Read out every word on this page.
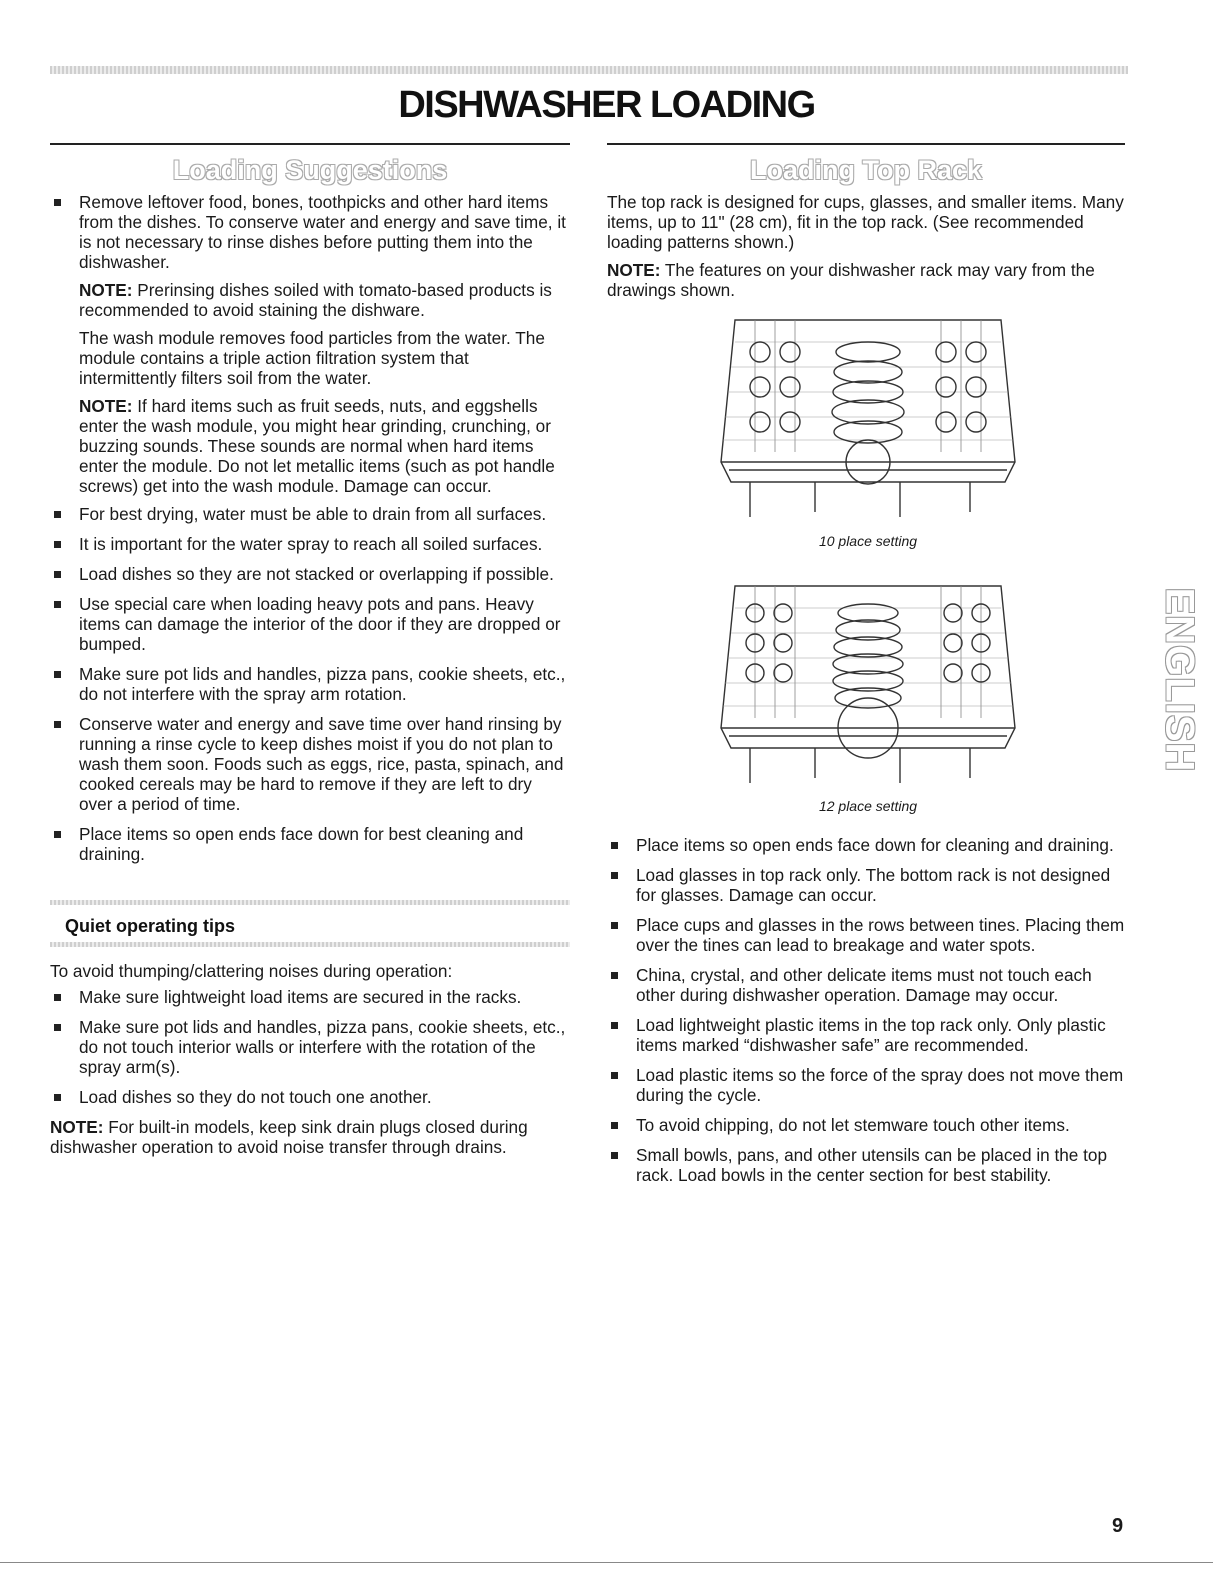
DISHWASHER LOADING
Loading Suggestions
Remove leftover food, bones, toothpicks and other hard items from the dishes. To conserve water and energy and save time, it is not necessary to rinse dishes before putting them into the dishwasher.

NOTE: Prerinsing dishes soiled with tomato-based products is recommended to avoid staining the dishware.

The wash module removes food particles from the water. The module contains a triple action filtration system that intermittently filters soil from the water.

NOTE: If hard items such as fruit seeds, nuts, and eggshells enter the wash module, you might hear grinding, crunching, or buzzing sounds. These sounds are normal when hard items enter the module. Do not let metallic items (such as pot handle screws) get into the wash module. Damage can occur.

For best drying, water must be able to drain from all surfaces.
It is important for the water spray to reach all soiled surfaces.
Load dishes so they are not stacked or overlapping if possible.
Use special care when loading heavy pots and pans. Heavy items can damage the interior of the door if they are dropped or bumped.
Make sure pot lids and handles, pizza pans, cookie sheets, etc., do not interfere with the spray arm rotation.
Conserve water and energy and save time over hand rinsing by running a rinse cycle to keep dishes moist if you do not plan to wash them soon. Foods such as eggs, rice, pasta, spinach, and cooked cereals may be hard to remove if they are left to dry over a period of time.
Place items so open ends face down for best cleaning and draining.
Quiet operating tips

To avoid thumping/clattering noises during operation:

Make sure lightweight load items are secured in the racks.
Make sure pot lids and handles, pizza pans, cookie sheets, etc., do not touch interior walls or interfere with the rotation of the spray arm(s).
Load dishes so they do not touch one another.

NOTE: For built-in models, keep sink drain plugs closed during dishwasher operation to avoid noise transfer through drains.

Loading Top Rack

The top rack is designed for cups, glasses, and smaller items. Many items, up to 11" (28 cm), fit in the top rack. (See recommended loading patterns shown.)

NOTE: The features on your dishwasher rack may vary from the drawings shown.

10 place setting
12 place setting
Place items so open ends face down for cleaning and draining.
Load glasses in top rack only. The bottom rack is not designed for glasses. Damage can occur.
Place cups and glasses in the rows between tines. Placing them over the tines can lead to breakage and water spots.
China, crystal, and other delicate items must not touch each other during dishwasher operation. Damage may occur.
Load lightweight plastic items in the top rack only. Only plastic items marked “dishwasher safe” are recommended.
Load plastic items so the force of the spray does not move them during the cycle.
To avoid chipping, do not let stemware touch other items.
Small bowls, pans, and other utensils can be placed in the top rack. Load bowls in the center section for best stability.
ENGLISH
9
